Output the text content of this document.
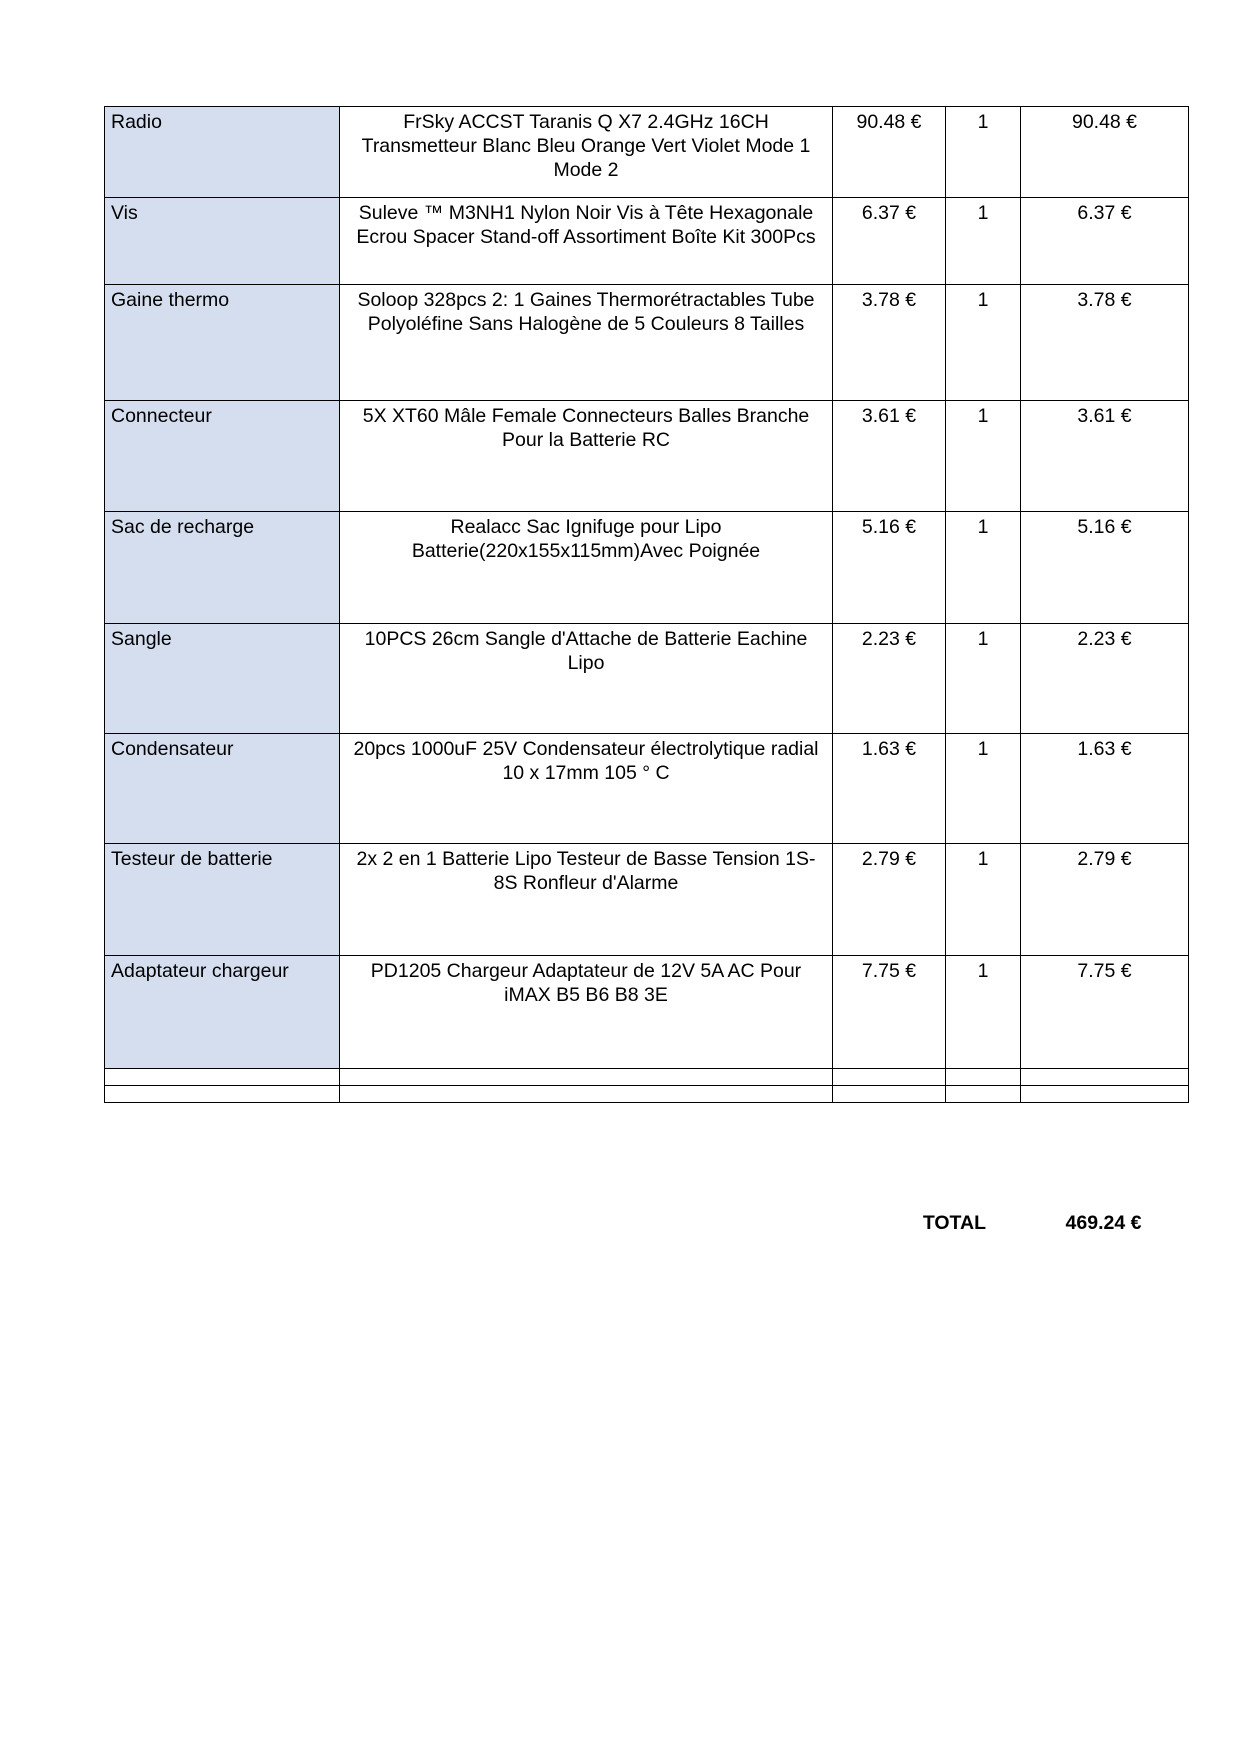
Radio	FrSky ACCST Taranis Q X7 2.4GHz 16CH Transmetteur Blanc Bleu Orange Vert Violet Mode 1 Mode 2	90.48 €	1	90.48 €
Vis	Suleve ™ M3NH1 Nylon Noir Vis à Tête Hexagonale Ecrou Spacer Stand-off Assortiment Boîte Kit 300Pcs	6.37 €	1	6.37 €
Gaine thermo	Soloop 328pcs 2: 1 Gaines Thermorétractables Tube Polyoléfine Sans Halogène de 5 Couleurs 8 Tailles	3.78 €	1	3.78 €
Connecteur	5X XT60 Mâle Female Connecteurs Balles Branche Pour la Batterie RC	3.61 €	1	3.61 €
Sac de recharge	Realacc Sac Ignifuge pour Lipo Batterie(220x155x115mm)Avec Poignée	5.16 €	1	5.16 €
Sangle	10PCS 26cm Sangle d'Attache de Batterie Eachine Lipo	2.23 €	1	2.23 €
Condensateur	20pcs 1000uF 25V Condensateur électrolytique radial 10 x 17mm 105 ° C	1.63 €	1	1.63 €
Testeur de batterie	2x 2 en 1 Batterie Lipo Testeur de Basse Tension 1S-8S Ronfleur d'Alarme	2.79 €	1	2.79 €
Adaptateur chargeur	PD1205 Chargeur Adaptateur de 12V 5A AC Pour iMAX B5 B6 B8 3E	7.75 €	1	7.75 €

TOTAL	469.24 €
